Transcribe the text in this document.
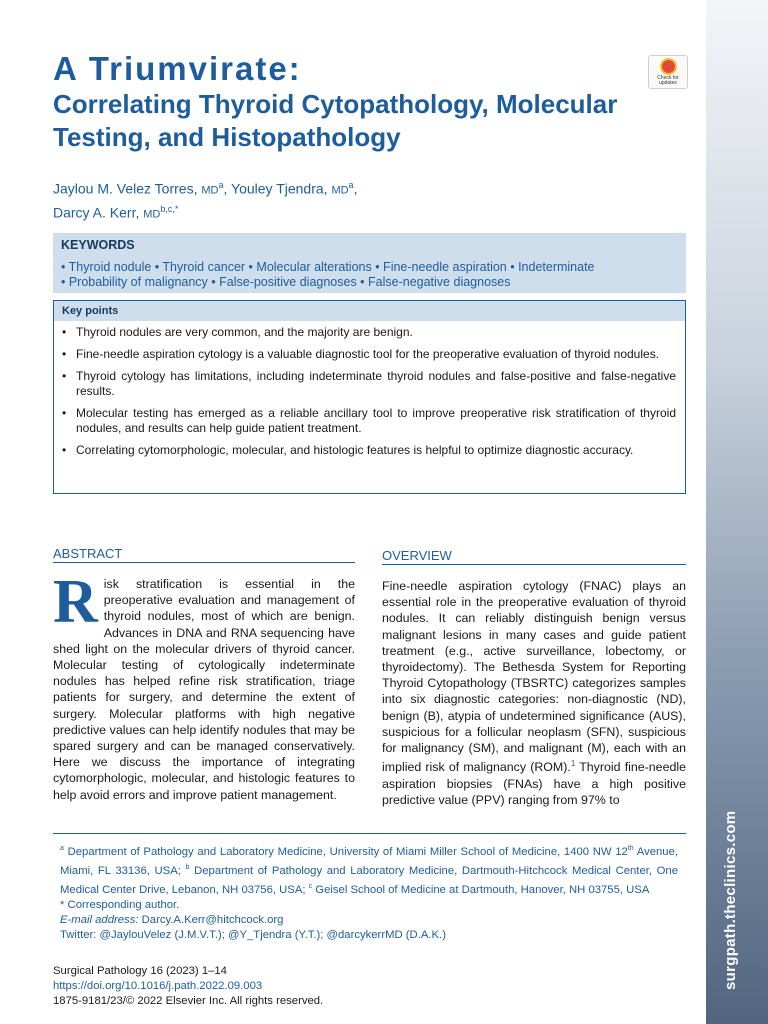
surgpath.theclinics.com
A Triumvirate:
Correlating Thyroid Cytopathology, Molecular Testing, and Histopathology
Check for updates
Jaylou M. Velez Torres, $MD^a$, Youley Tjendra, $MD^a$,
Darcy A. Kerr, $MD^{b,c,*}$
KEYWORDS
• Thyroid nodule • Thyroid cancer • Molecular alterations • Fine-needle aspiration • Indeterminate
• Probability of malignancy • False-positive diagnoses • False-negative diagnoses
Key points
• Thyroid nodules are very common, and the majority are benign.
• Fine-needle aspiration cytology is a valuable diagnostic tool for the preoperative evaluation of thyroid nodules.
• Thyroid cytology has limitations, including indeterminate thyroid nodules and false-positive and false-negative results.
• Molecular testing has emerged as a reliable ancillary tool to improve preoperative risk stratification of thyroid nodules, and results can help guide patient treatment.
• Correlating cytomorphologic, molecular, and histologic features is helpful to optimize diagnostic accuracy.
ABSTRACT

Risk stratification is essential in the preoperative evaluation and management of thyroid nodules, most of which are benign. Advances in DNA and RNA sequencing have shed light on the molecular drivers of thyroid cancer. Molecular testing of cytologically indeterminate nodules has helped refine risk stratification, triage patients for surgery, and determine the extent of surgery. Molecular platforms with high negative predictive values can help identify nodules that may be spared surgery and can be managed conservatively. Here we discuss the importance of integrating cytomorphologic, molecular, and histologic features to help avoid errors and improve patient management.

OVERVIEW

Fine-needle aspiration cytology (FNAC) plays an essential role in the preoperative evaluation of thyroid nodules. It can reliably distinguish benign versus malignant lesions in many cases and guide patient treatment (e.g., active surveillance, lobectomy, or thyroidectomy). The Bethesda System for Reporting Thyroid Cytopathology (TBSRTC) categorizes samples into six diagnostic categories: non-diagnostic (ND), benign (B), atypia of undetermined significance (AUS), suspicious for a follicular neoplasm (SFN), suspicious for malignancy (SM), and malignant (M), each with an implied risk of malignancy (ROM).$^1$ Thyroid fine-needle aspiration biopsies (FNAs) have a high positive predictive value (PPV) ranging from 97% to

$^a$ Department of Pathology and Laboratory Medicine, University of Miami Miller School of Medicine, 1400 NW 12th Avenue, Miami, FL 33136, USA; $^b$ Department of Pathology and Laboratory Medicine, Dartmouth-Hitchcock Medical Center, One Medical Center Drive, Lebanon, NH 03756, USA; $^c$ Geisel School of Medicine at Dartmouth, Hanover, NH 03755, USA
* Corresponding author.
E-mail address: Darcy.A.Kerr@hitchcock.org
Twitter: @JaylouVelez (J.M.V.T.); @Y_Tjendra (Y.T.); @darcykerrMD (D.A.K.)
Surgical Pathology 16 (2023) 1–14
https://doi.org/10.1016/j.path.2022.09.003
1875-9181/23/© 2022 Elsevier Inc. All rights reserved.
